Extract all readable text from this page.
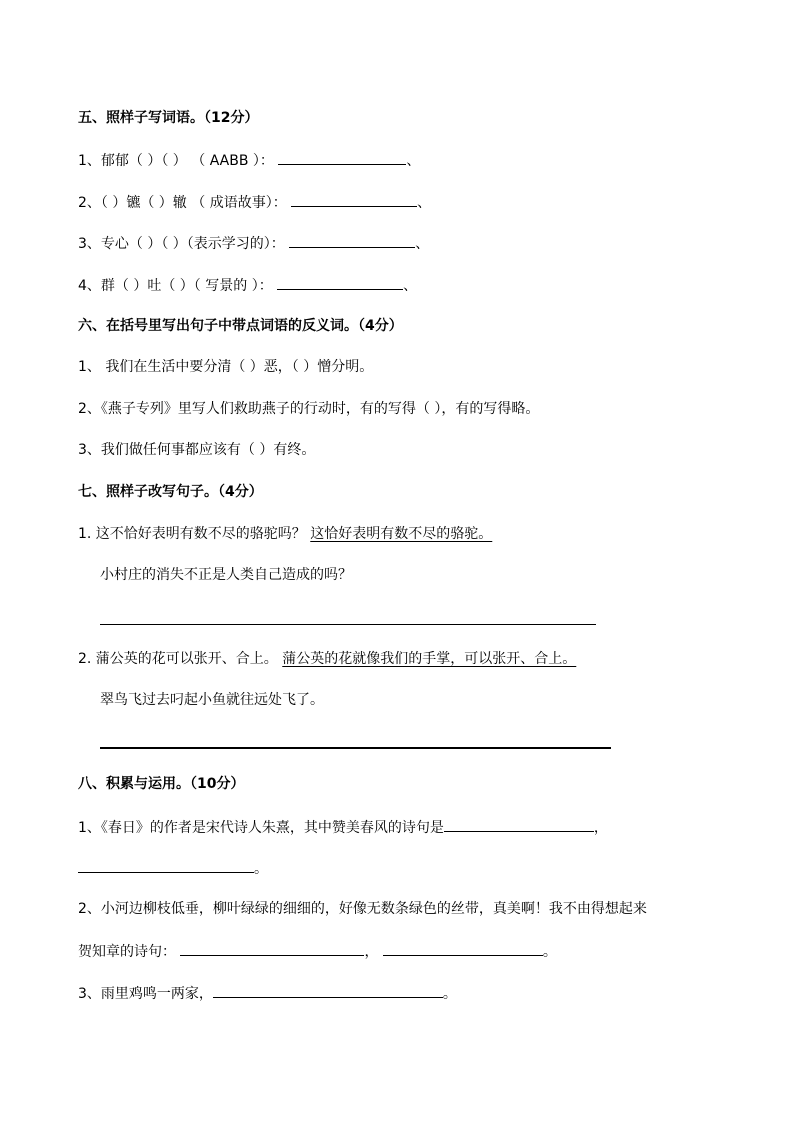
五、照样子写词语。（12分）
1、郁郁（ ）（ ） （ AABB ）：	、
2、（ ）镳（ ）辙 （ 成语故事）：	、
3、专心（ ）（ ）（表示学习的）：	、
4、群（ ）吐（ ）（ 写景的 ）：	、
六、在括号里写出句子中带点词语的反义词。（4分）
1、 我们在生活中要分清（ ）恶，（ ）憎分明。
2、《燕子专列》里写人们救助燕子的行动时，有的写得（ ），有的写得略。
3、我们做任何事都应该有（ ）有终。
七、照样子改写句子。（4分）
1. 这不恰好表明有数不尽的骆驼吗？ 这恰好表明有数不尽的骆驼。
小村庄的消失不正是人类自己造成的吗？
2. 蒲公英的花可以张开、合上。 蒲公英的花就像我们的手掌，可以张开、合上。
翠鸟飞过去叼起小鱼就往远处飞了。
八、积累与运用。（10分）
1、《春日》的作者是宋代诗人朱熹，其中赞美春风的诗句是	，
。
2、小河边柳枝低垂，柳叶绿绿的细细的，好像无数条绿色的丝带，真美啊！我不由得想起来
贺知章的诗句：	，	。
3、雨里鸡鸣一两家，	。
